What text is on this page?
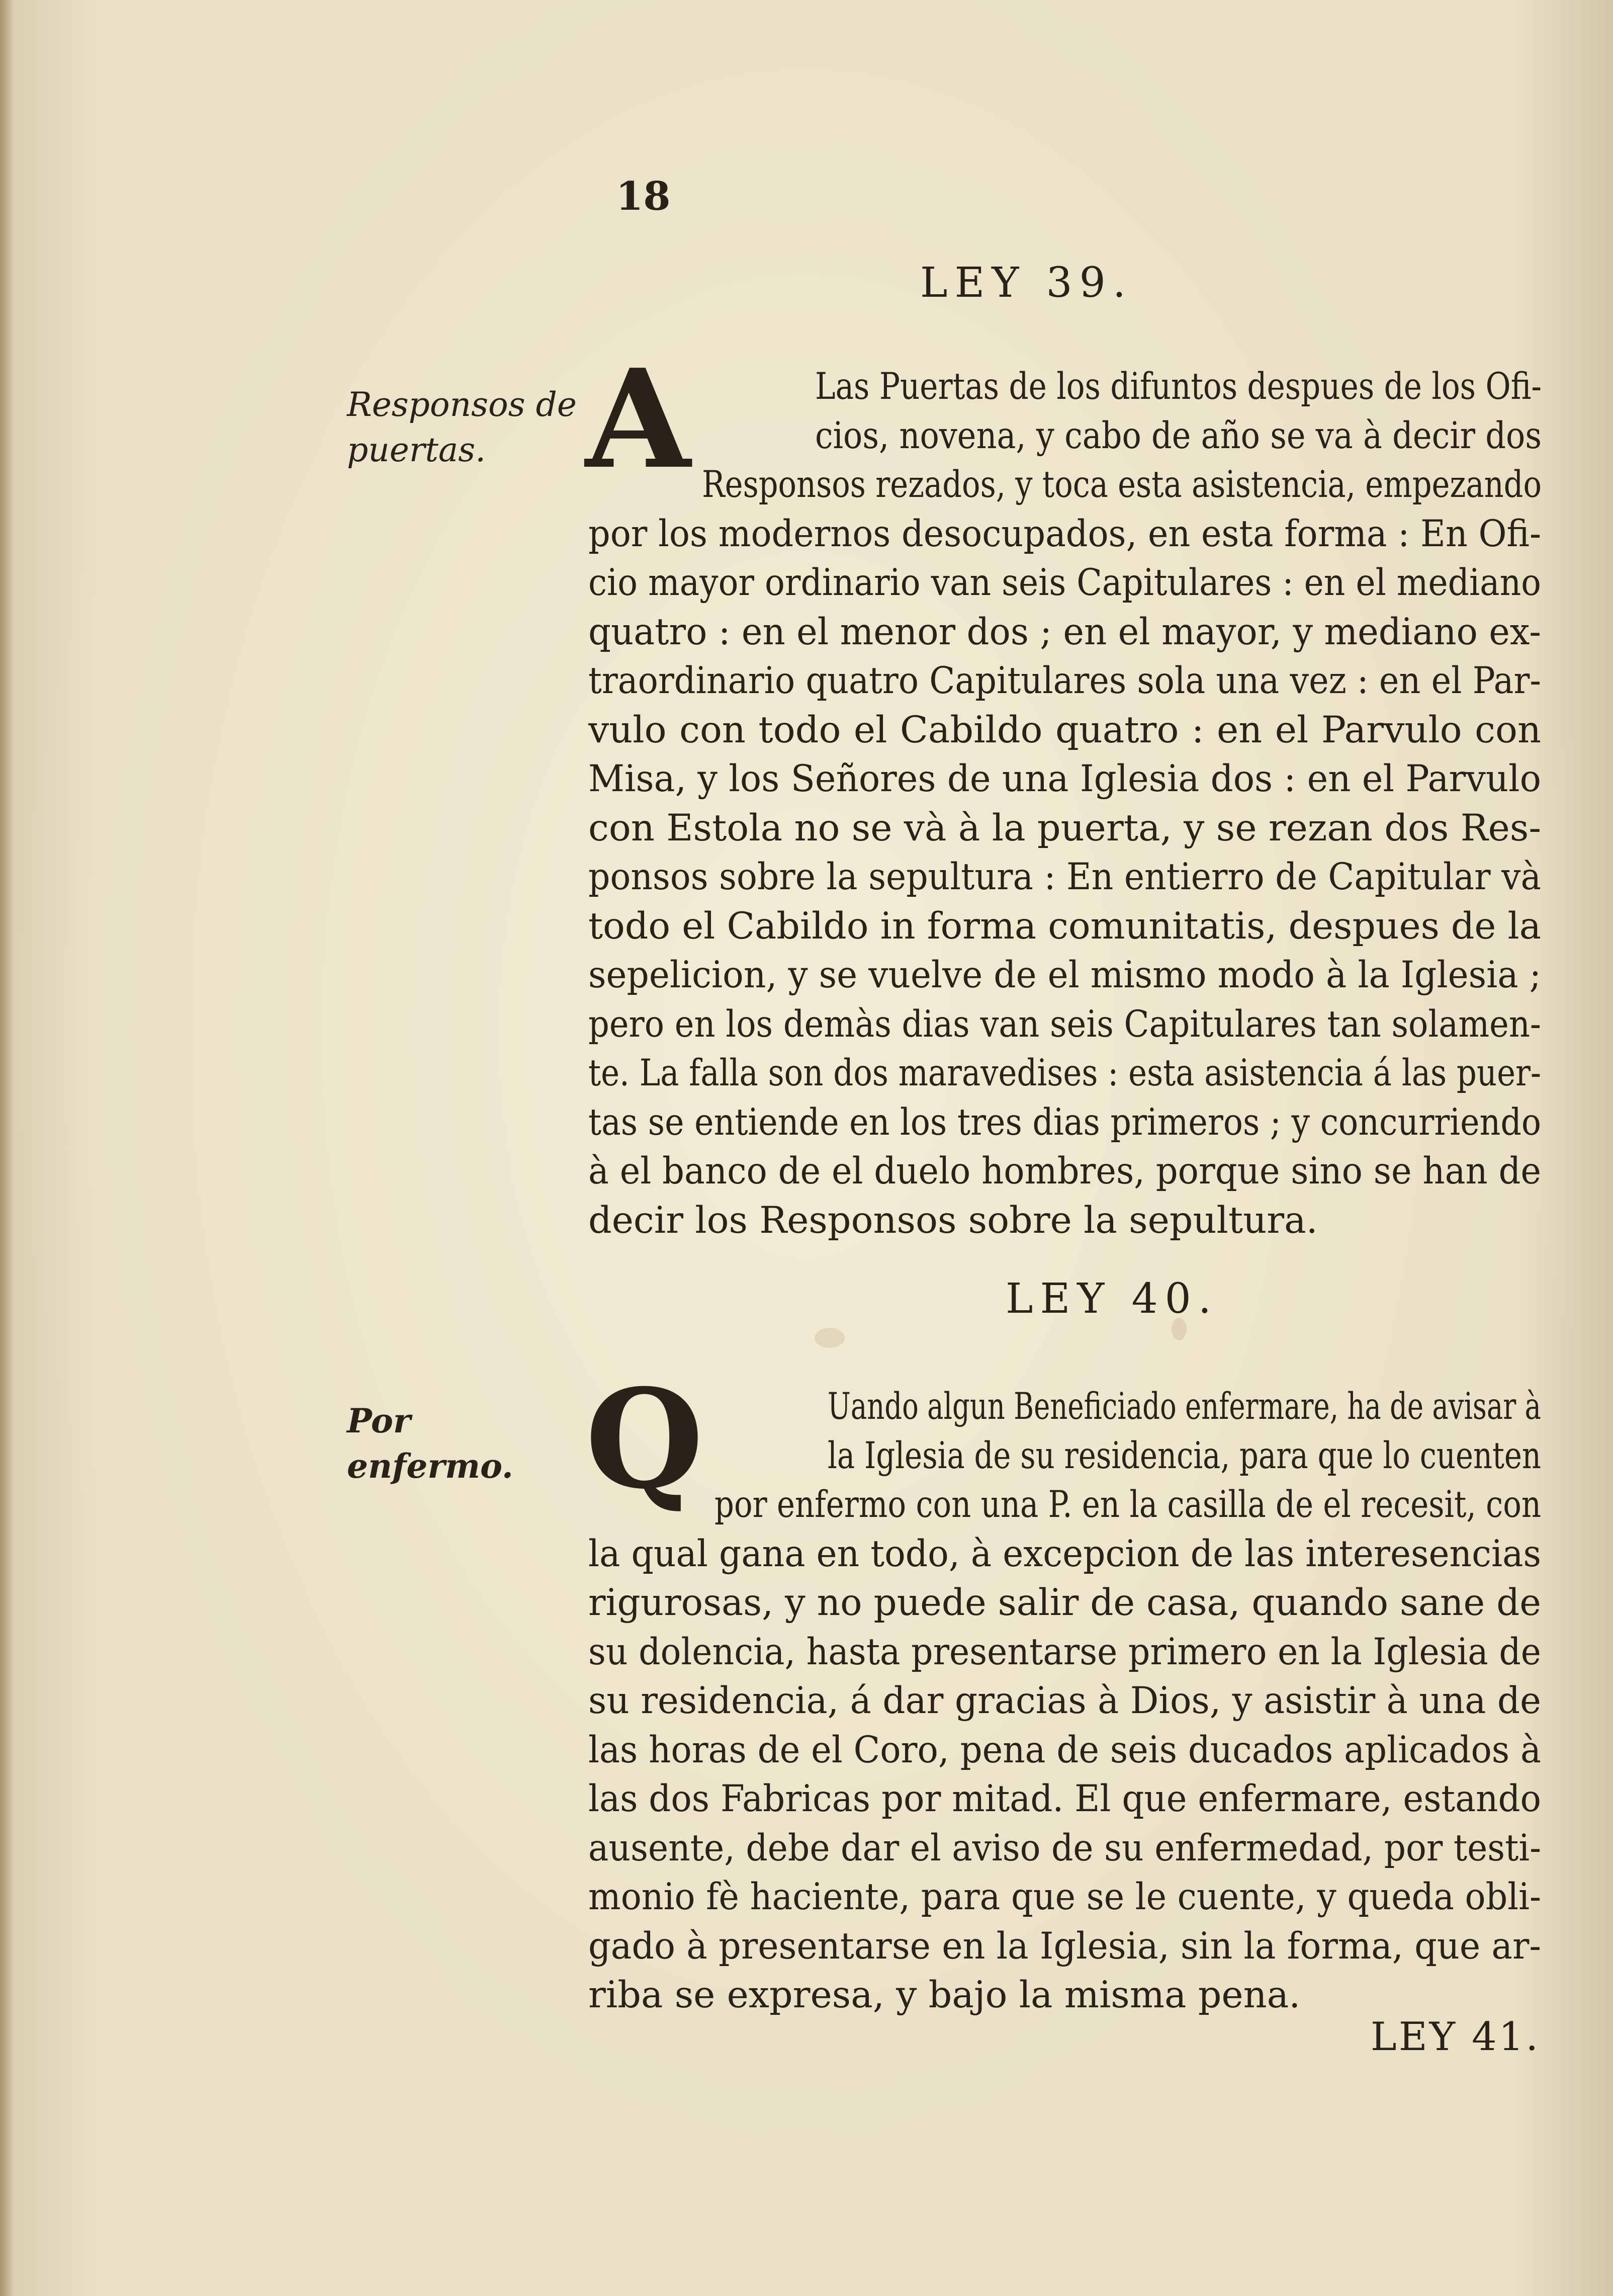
18
LEY 39.
Responsos de puertas. A	Las Puertas de los difuntos despues de los Ofi-
cios, novena, y cabo de año se va à decir dos
Responsos rezados, y toca esta asistencia, empezando
por los modernos desocupados, en esta forma : En Ofi-
cio mayor ordinario van seis Capitulares : en el mediano
quatro : en el menor dos ; en el mayor, y mediano ex-
traordinario quatro Capitulares sola una vez : en el Par-
vulo con todo el Cabildo quatro : en el Parvulo con
Misa, y los Señores de una Iglesia dos : en el Parvulo
con Estola no se và à la puerta, y se rezan dos Res-
ponsos sobre la sepultura : En entierro de Capitular và
todo el Cabildo in forma comunitatis, despues de la
sepelicion, y se vuelve de el mismo modo à la Iglesia ;
pero en los demàs dias van seis Capitulares tan solamen-
te. La falla son dos maravedises : esta asistencia á las puer-
tas se entiende en los tres dias primeros ; y concurriendo
à el banco de el duelo hombres, porque sino se han de
decir los Responsos sobre la sepultura.
LEY 40.
Por enfermo. Q	Uando algun Beneficiado enfermare, ha de avisar à
la Iglesia de su residencia, para que lo cuenten
por enfermo con una P. en la casilla de el recesit, con
la qual gana en todo, à excepcion de las interesencias
rigurosas, y no puede salir de casa, quando sane de
su dolencia, hasta presentarse primero en la Iglesia de
su residencia, á dar gracias à Dios, y asistir à una de
las horas de el Coro, pena de seis ducados aplicados à
las dos Fabricas por mitad. El que enfermare, estando
ausente, debe dar el aviso de su enfermedad, por testi-
monio fè haciente, para que se le cuente, y queda obli-
gado à presentarse en la Iglesia, sin la forma, que ar-
riba se expresa, y bajo la misma pena.
LEY 41.
